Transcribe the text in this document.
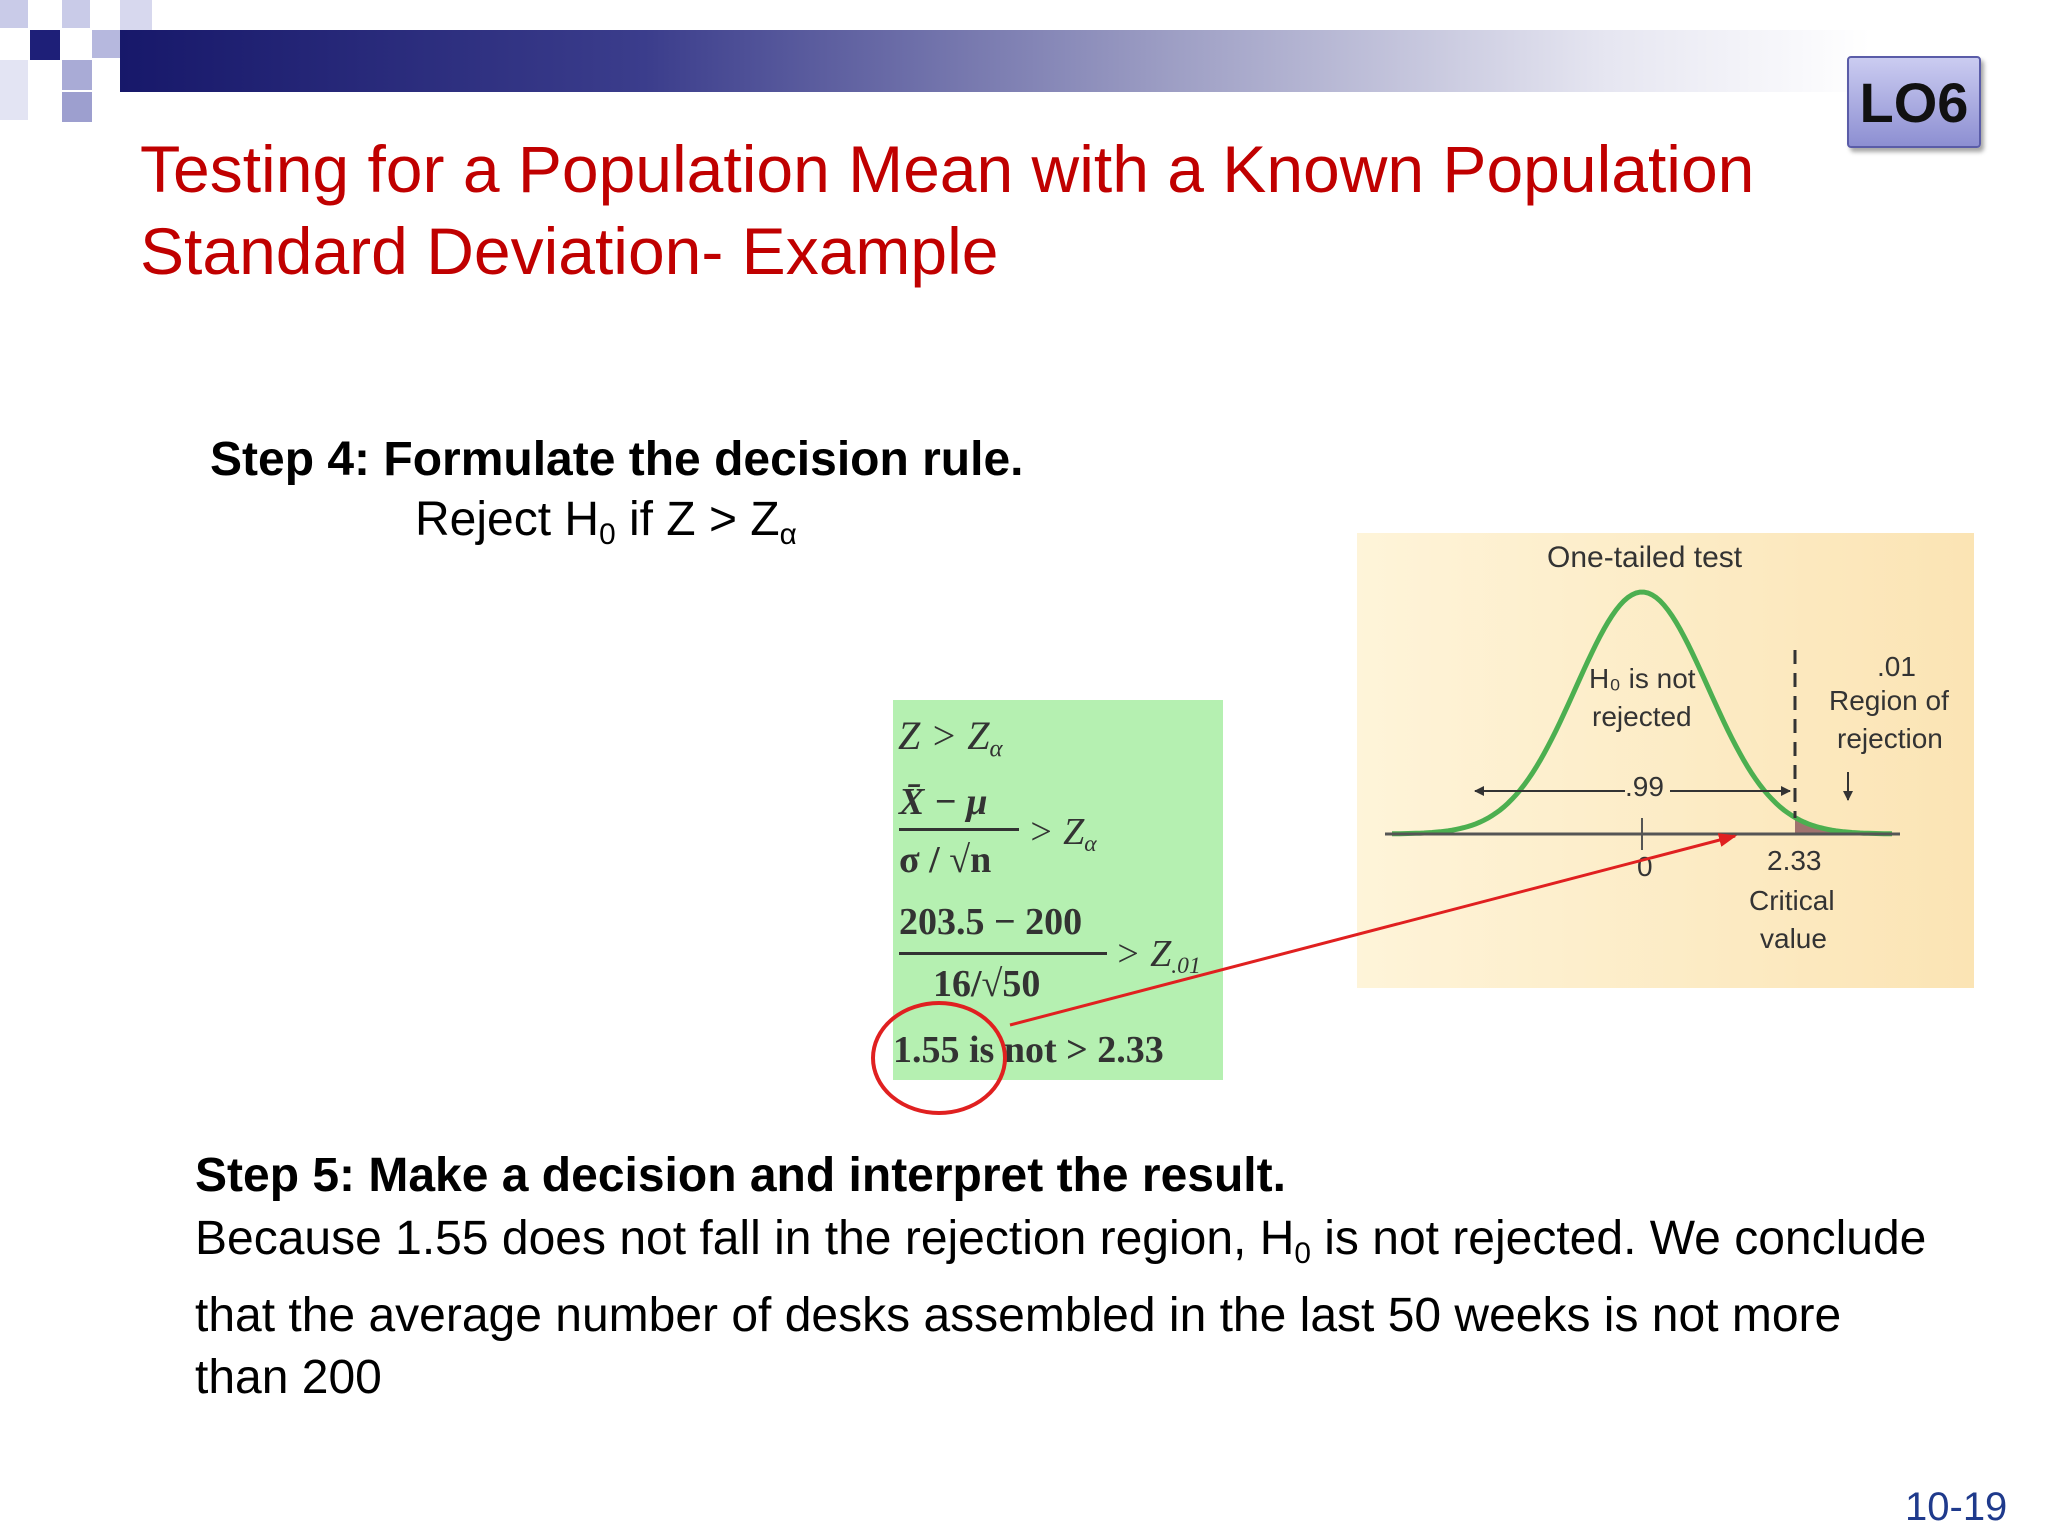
LO6
Testing for a Population Mean with a Known Population Standard Deviation- Example
Step 4: Formulate the decision rule.
Reject $H_0$ if $Z > Z_\alpha$
$Z > Z_\alpha$
X̄ − μ
σ / √n
> $Z_\alpha$
203.5 − 200
16/√50
> $Z_{.01}$
1.55 is not > 2.33
One-tailed test
H₀ is not
rejected
.99
0
.01
Region of
rejection
2.33
Critical
value
Step 5: Make a decision and interpret the result.
Because 1.55 does not fall in the rejection region, $H_0$ is not rejected. We conclude that the average number of desks assembled in the last 50 weeks is not more than 200
10-19
